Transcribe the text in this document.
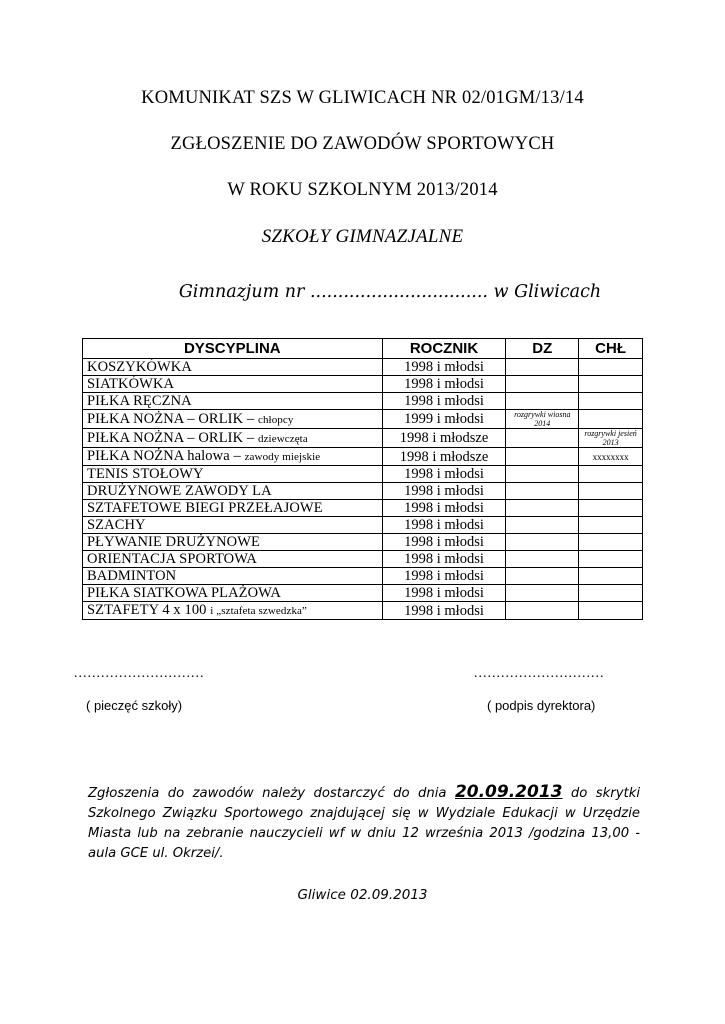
KOMUNIKAT SZS W GLIWICACH NR 02/01GM/13/14
ZGŁOSZENIE DO ZAWODÓW SPORTOWYCH
W ROKU SZKOLNYM 2013/2014
SZKOŁY GIMNAZJALNE
Gimnazjum nr ................................ w Gliwicach
DYSCYPLINA	ROCZNIK	DZ	CHŁ
KOSZYKÓWKA	1998 i młodsi		
SIATKÓWKA	1998 i młodsi		
PIŁKA RĘCZNA	1998 i młodsi		
PIŁKA NOŻNA – ORLIK – chłopcy	1999 i młodsi	rozgrywki wiosna 2014	
PIŁKA NOŻNA – ORLIK – dziewczęta	1998 i młodsze		rozgrywki jesień 2013
PIŁKA NOŻNA halowa – zawody miejskie	1998 i młodsze		xxxxxxxx
TENIS STOŁOWY	1998 i młodsi		
DRUŻYNOWE ZAWODY LA	1998 i młodsi		
SZTAFETOWE BIEGI PRZEŁAJOWE	1998 i młodsi		
SZACHY	1998 i młodsi		
PŁYWANIE DRUŻYNOWE	1998 i młodsi		
ORIENTACJA SPORTOWA	1998 i młodsi		
BADMINTON	1998 i młodsi		
PIŁKA SIATKOWA PLAŻOWA	1998 i młodsi		
SZTAFETY 4 x 100 i „sztafeta szwedzka”	1998 i młodsi		
.............................	.............................
( pieczęć szkoły)	( podpis dyrektora)
Zgłoszenia do zawodów należy dostarczyć do dnia 20.09.2013 do skrytki Szkolnego Związku Sportowego znajdującej się w Wydziale Edukacji w Urzędzie Miasta lub na zebranie nauczycieli wf w dniu 12 września 2013 /godzina 13,00 - aula GCE ul. Okrzei/.
Gliwice 02.09.2013
